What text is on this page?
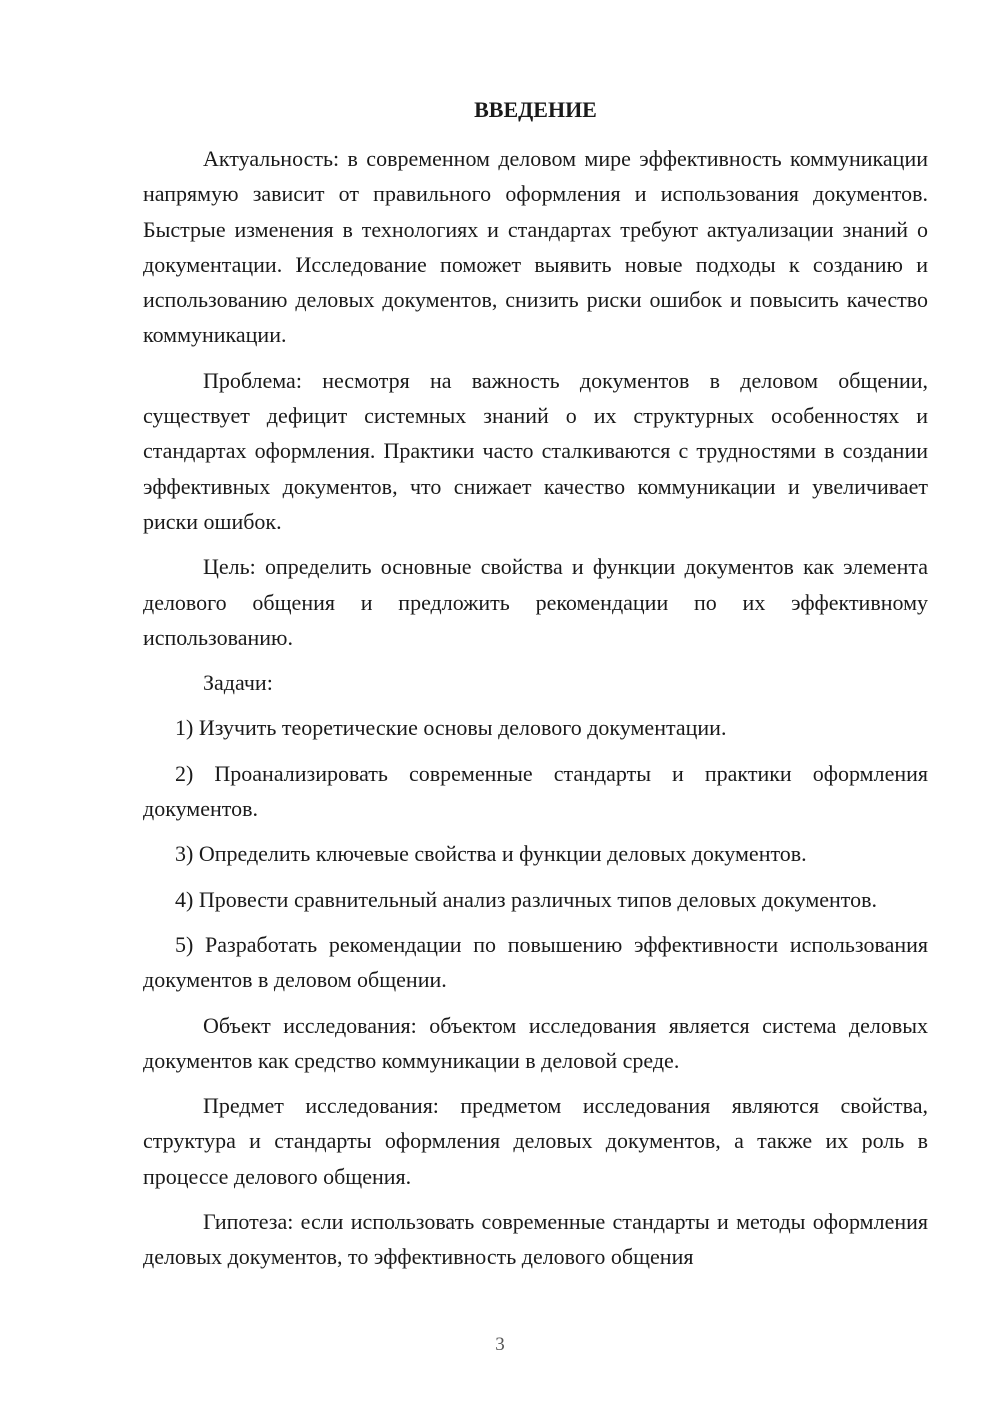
ВВЕДЕНИЕ

Актуальность: в современном деловом мире эффективность коммуникации напрямую зависит от правильного оформления и использования документов. Быстрые изменения в технологиях и стандартах требуют актуализации знаний о документации. Исследование поможет выявить новые подходы к созданию и использованию деловых документов, снизить риски ошибок и повысить качество коммуникации.

Проблема: несмотря на важность документов в деловом общении, существует дефицит системных знаний о их структурных особенностях и стандартах оформления. Практики часто сталкиваются с трудностями в создании эффективных документов, что снижает качество коммуникации и увеличивает риски ошибок.

Цель: определить основные свойства и функции документов как элемента делового общения и предложить рекомендации по их эффективному использованию.

Задачи:

1) Изучить теоретические основы делового документации.

2) Проанализировать современные стандарты и практики оформления документов.

3) Определить ключевые свойства и функции деловых документов.

4) Провести сравнительный анализ различных типов деловых документов.

5) Разработать рекомендации по повышению эффективности использования документов в деловом общении.

Объект исследования: объектом исследования является система деловых документов как средство коммуникации в деловой среде.

Предмет исследования: предметом исследования являются свойства, структура и стандарты оформления деловых документов, а также их роль в процессе делового общения.

Гипотеза: если использовать современные стандарты и методы оформления деловых документов, то эффективность делового общения

3
